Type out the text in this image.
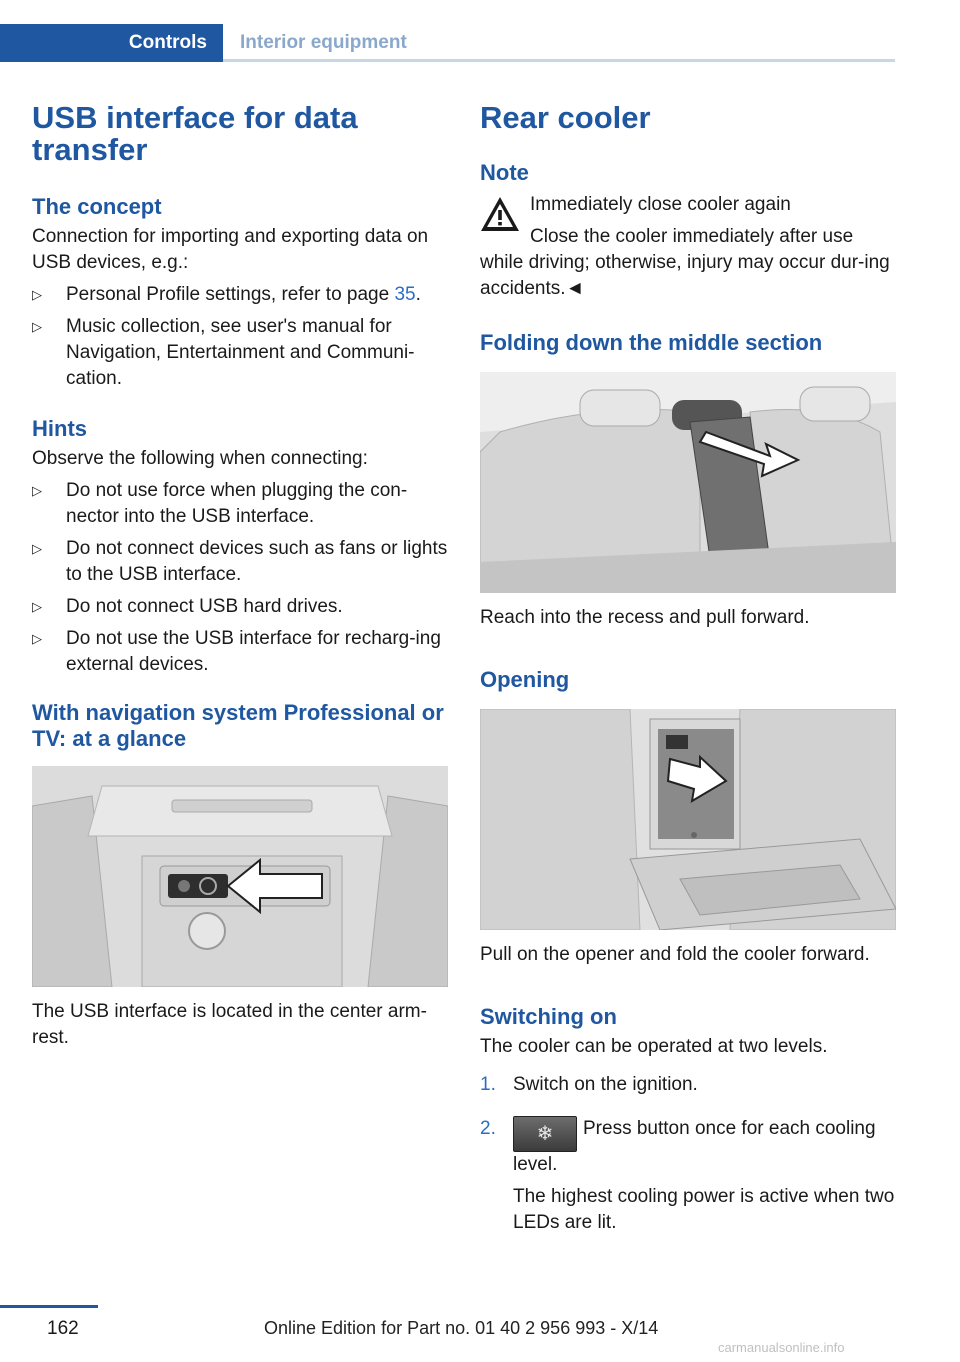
Controls Interior equipment
USB interface for data transfer
The concept

Connection for importing and exporting data on USB devices, e.g.:

▷ Personal Profile settings, refer to page 35.
▷ Music collection, see user's manual for Navigation, Entertainment and Communi-cation.
Hints

Observe the following when connecting:

▷ Do not use force when plugging the con-nector into the USB interface.
▷ Do not connect devices such as fans or lights to the USB interface.
▷ Do not connect USB hard drives.
▷ Do not use the USB interface for recharg-ing external devices.
With navigation system Professional or TV: at a glance

The USB interface is located in the center arm-rest.

Rear cooler
Note

Immediately close cooler again

Close the cooler immediately after use while driving; otherwise, injury may occur dur-ing accidents.◄

Folding down the middle section

Reach into the recess and pull forward.

Opening

Pull on the opener and fold the cooler forward.

Switching on

The cooler can be operated at two levels.

1. Switch on the ignition.
2. ❄ Press button once for each cooling level.

The highest cooling power is active when two LEDs are lit.

162	Online Edition for Part no. 01 40 2 956 993 - X/14
carmanualsonline.info
